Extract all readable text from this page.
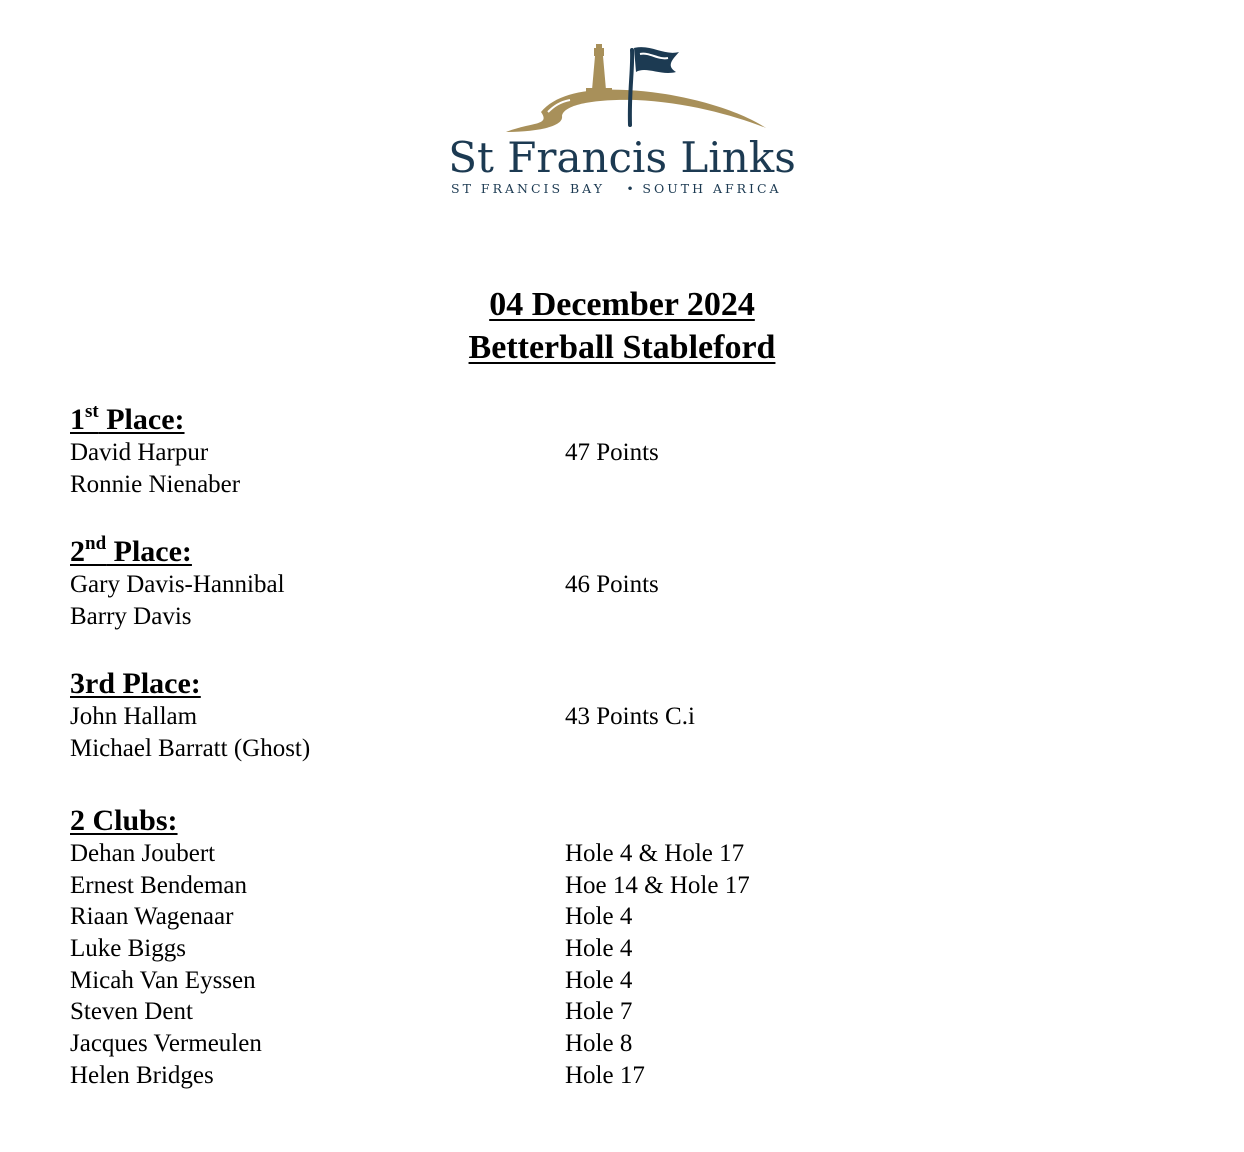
St Francis Links
ST FRANCIS BAY • SOUTH AFRICA
04 December 2024
Betterball Stableford
1st Place:
David Harpur	47 Points
Ronnie Nienaber
2nd Place:
Gary Davis-Hannibal	46 Points
Barry Davis
3rd Place:
John Hallam	43 Points C.i
Michael Barratt (Ghost)
2 Clubs:
Dehan Joubert	Hole 4 & Hole 17
Ernest Bendeman	Hoe 14 & Hole 17
Riaan Wagenaar	Hole 4
Luke Biggs	Hole 4
Micah Van Eyssen	Hole 4
Steven Dent	Hole 7
Jacques Vermeulen	Hole 8
Helen Bridges	Hole 17
